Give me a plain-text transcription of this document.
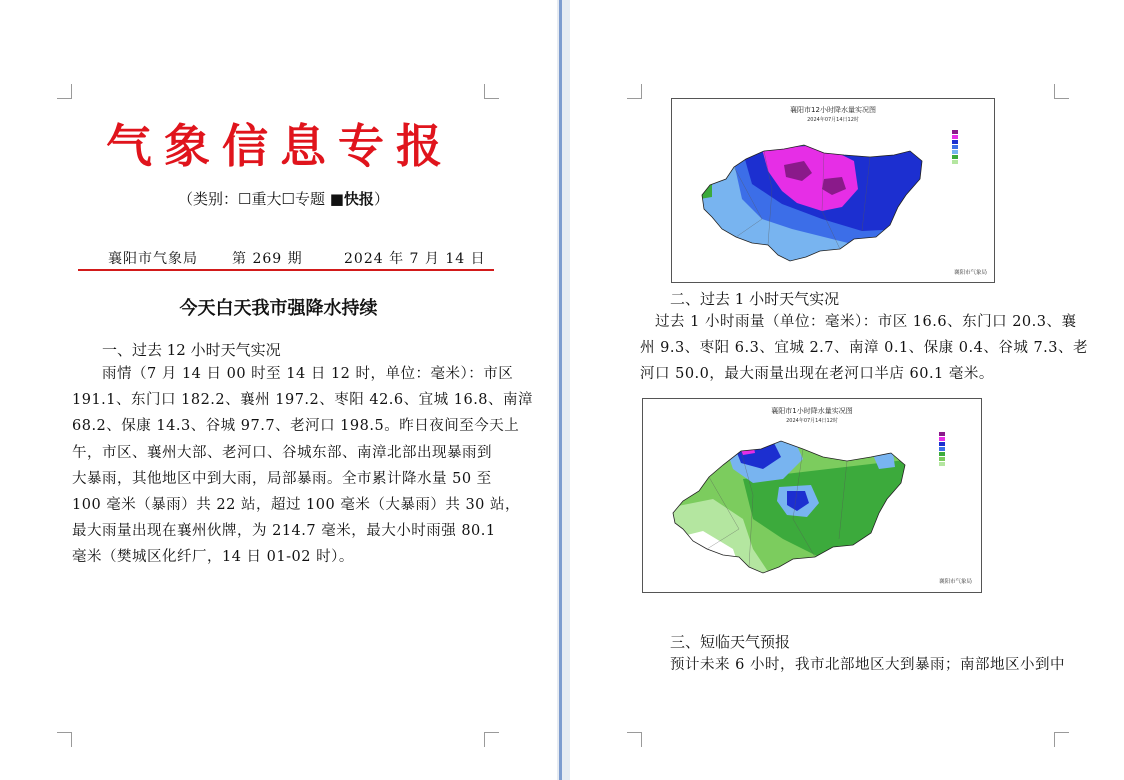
气象信息专报
（类别：☐重大☐专题 ■快报）
襄阳市气象局 第 269 期	2024 年 7 月 14 日
今天白天我市强降水持续
一、过去 12 小时天气实况
雨情（7 月 14 日 00 时至 14 日 12 时，单位：毫米）：市区
191.1、东门口 182.2、襄州 197.2、枣阳 42.6、宜城 16.8、南漳
68.2、保康 14.3、谷城 97.7、老河口 198.5。昨日夜间至今天上
午，市区、襄州大部、老河口、谷城东部、南漳北部出现暴雨到
大暴雨，其他地区中到大雨，局部暴雨。全市累计降水量 50 至
100 毫米（暴雨）共 22 站，超过 100 毫米（大暴雨）共 30 站，
最大雨量出现在襄州伙牌，为 214.7 毫米，最大小时雨强 80.1
毫米（樊城区化纤厂，14 日 01-02 时）。
襄阳市12小时降水量实况图
2024年07月14日12时
襄阳市气象局
二、过去 1 小时天气实况
过去 1 小时雨量（单位：毫米）：市区 16.6、东门口 20.3、襄
州 9.3、枣阳 6.3、宜城 2.7、南漳 0.1、保康 0.4、谷城 7.3、老
河口 50.0，最大雨量出现在老河口半店 60.1 毫米。
襄阳市1小时降水量实况图
2024年07月14日12时
襄阳市气象局
三、短临天气预报
预计未来 6 小时，我市北部地区大到暴雨；南部地区小到中
